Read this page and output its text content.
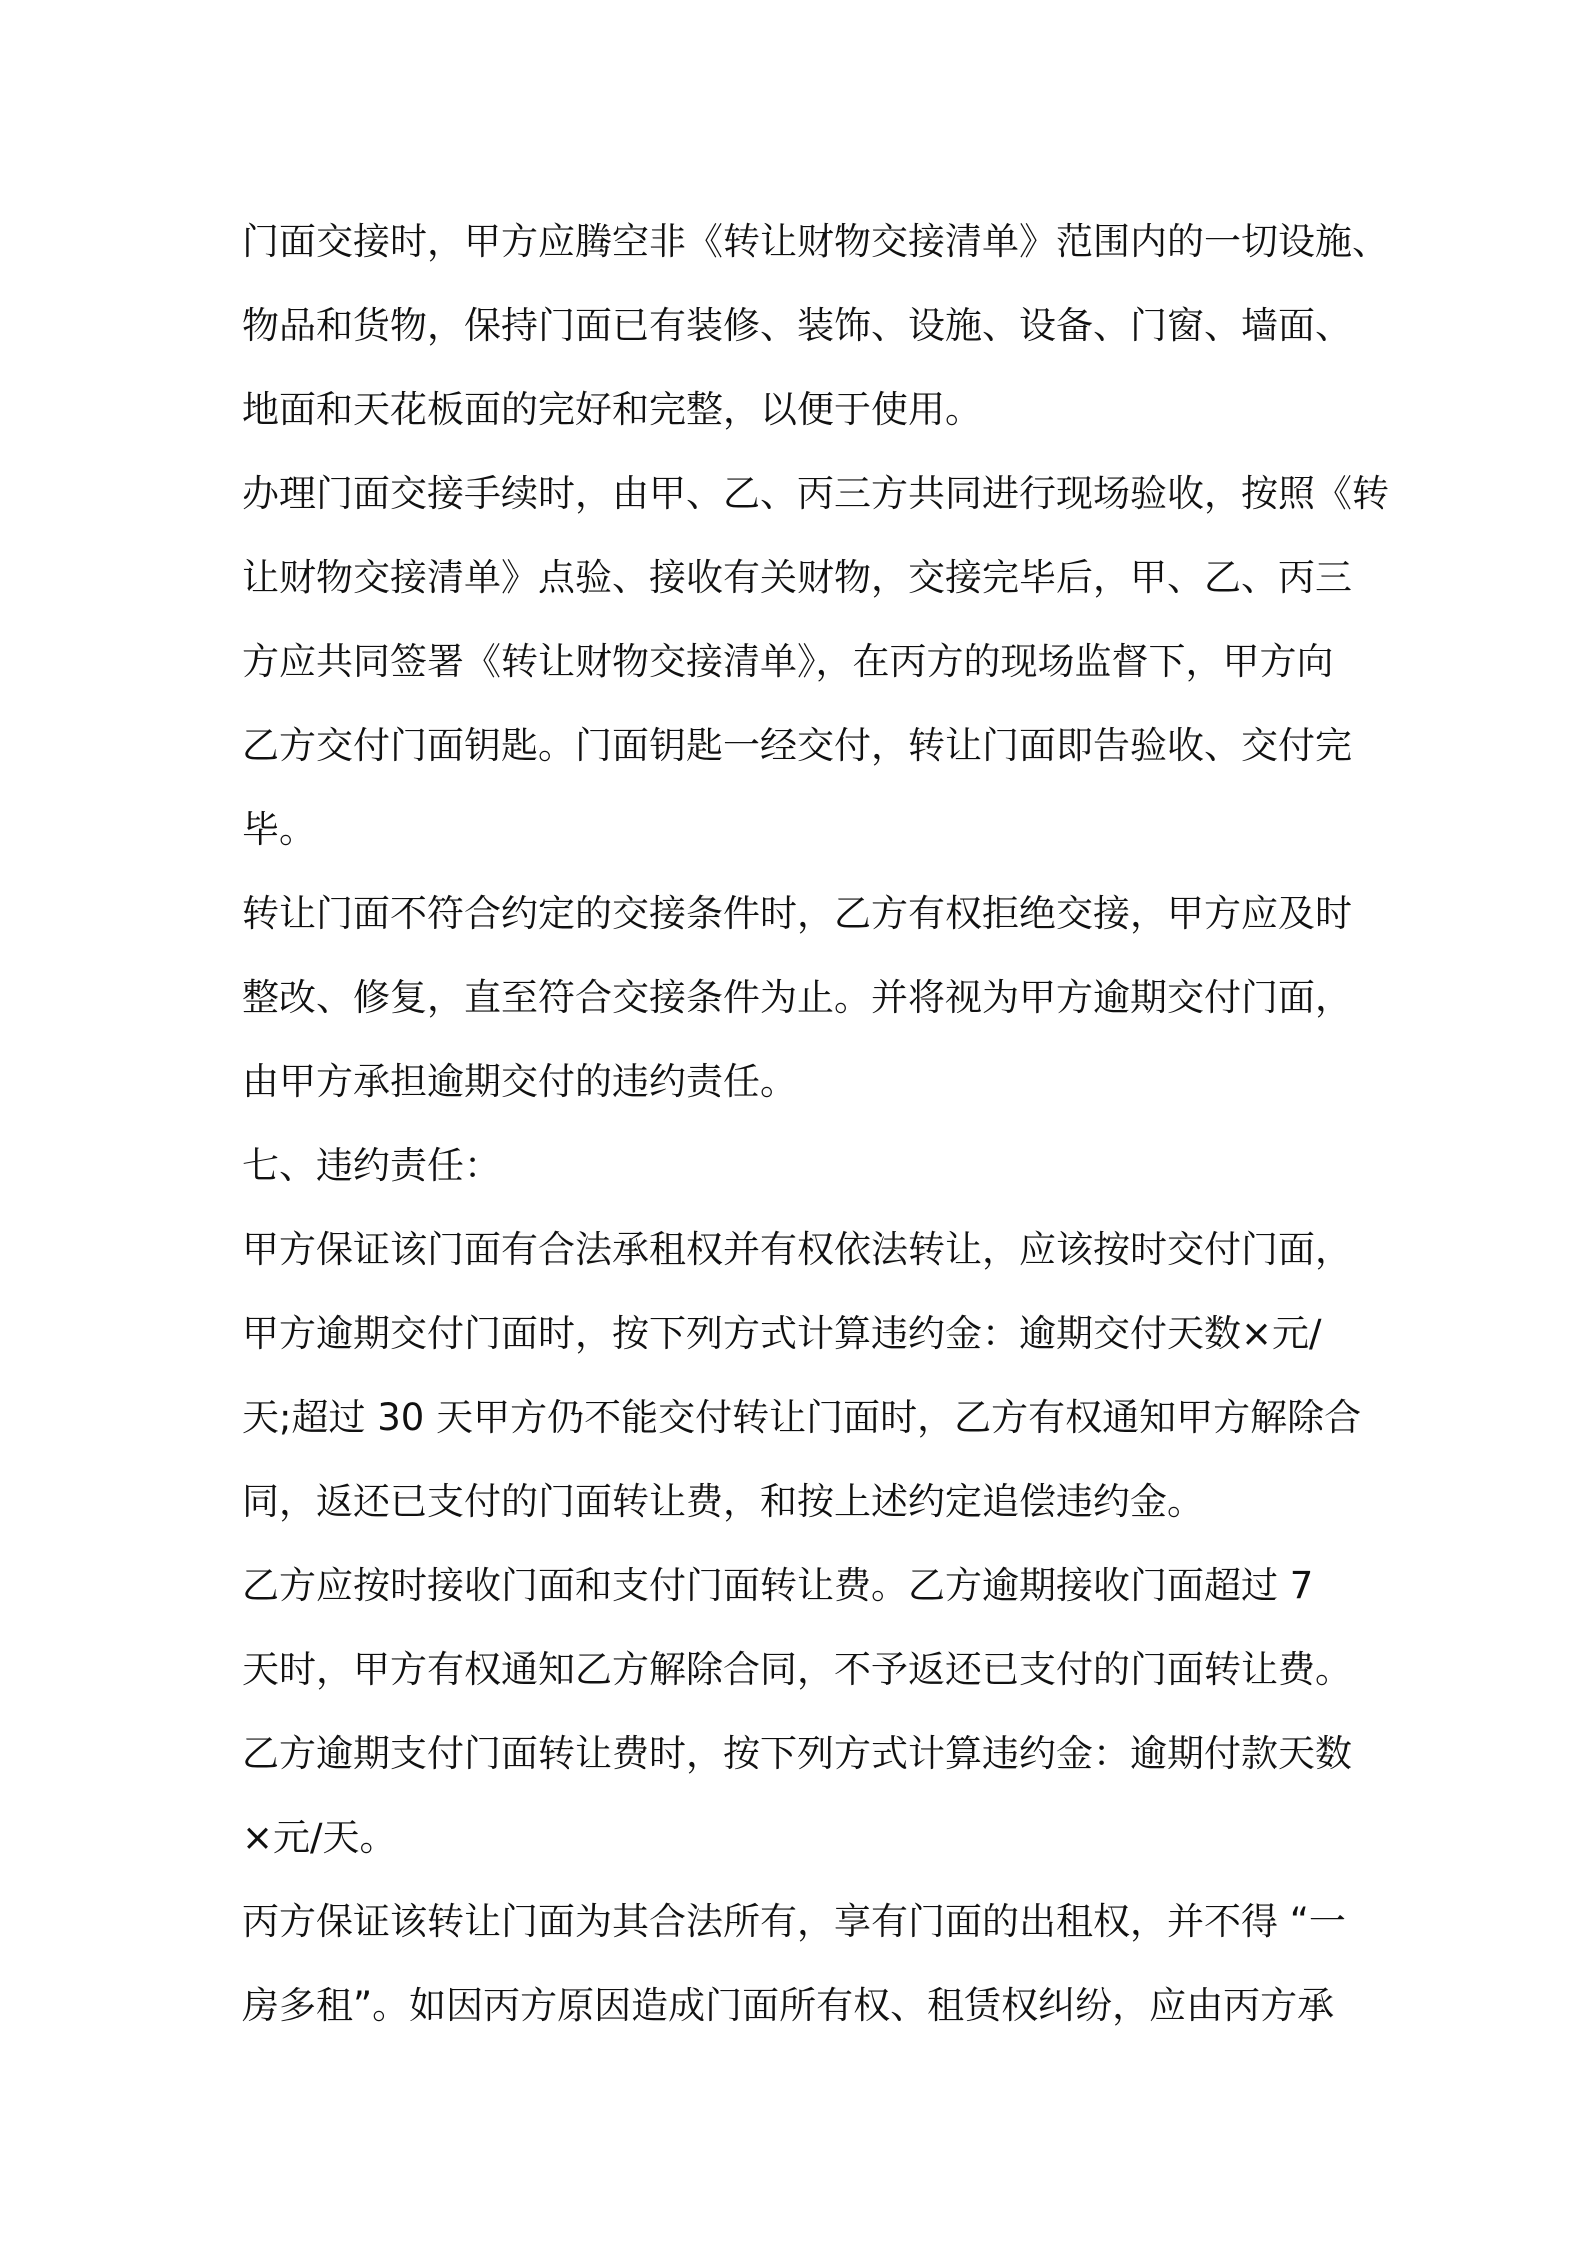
门面交接时，甲方应腾空非《转让财物交接清单》范围内的一切设施、
物品和货物，保持门面已有装修、装饰、设施、设备、门窗、墙面、
地面和天花板面的完好和完整，以便于使用。
办理门面交接手续时，由甲、乙、丙三方共同进行现场验收，按照《转
让财物交接清单》点验、接收有关财物，交接完毕后，甲、乙、丙三
方应共同签署《转让财物交接清单》，在丙方的现场监督下，甲方向
乙方交付门面钥匙。门面钥匙一经交付，转让门面即告验收、交付完
毕。
转让门面不符合约定的交接条件时，乙方有权拒绝交接，甲方应及时
整改、修复，直至符合交接条件为止。并将视为甲方逾期交付门面，
由甲方承担逾期交付的违约责任。
七、违约责任：
甲方保证该门面有合法承租权并有权依法转让，应该按时交付门面，
甲方逾期交付门面时，按下列方式计算违约金：逾期交付天数×元/
天;超过 30 天甲方仍不能交付转让门面时，乙方有权通知甲方解除合
同，返还已支付的门面转让费，和按上述约定追偿违约金。
乙方应按时接收门面和支付门面转让费。乙方逾期接收门面超过 7
天时，甲方有权通知乙方解除合同，不予返还已支付的门面转让费。
乙方逾期支付门面转让费时，按下列方式计算违约金：逾期付款天数
×元/天。
丙方保证该转让门面为其合法所有，享有门面的出租权，并不得 “一
房多租”。如因丙方原因造成门面所有权、租赁权纠纷，应由丙方承
